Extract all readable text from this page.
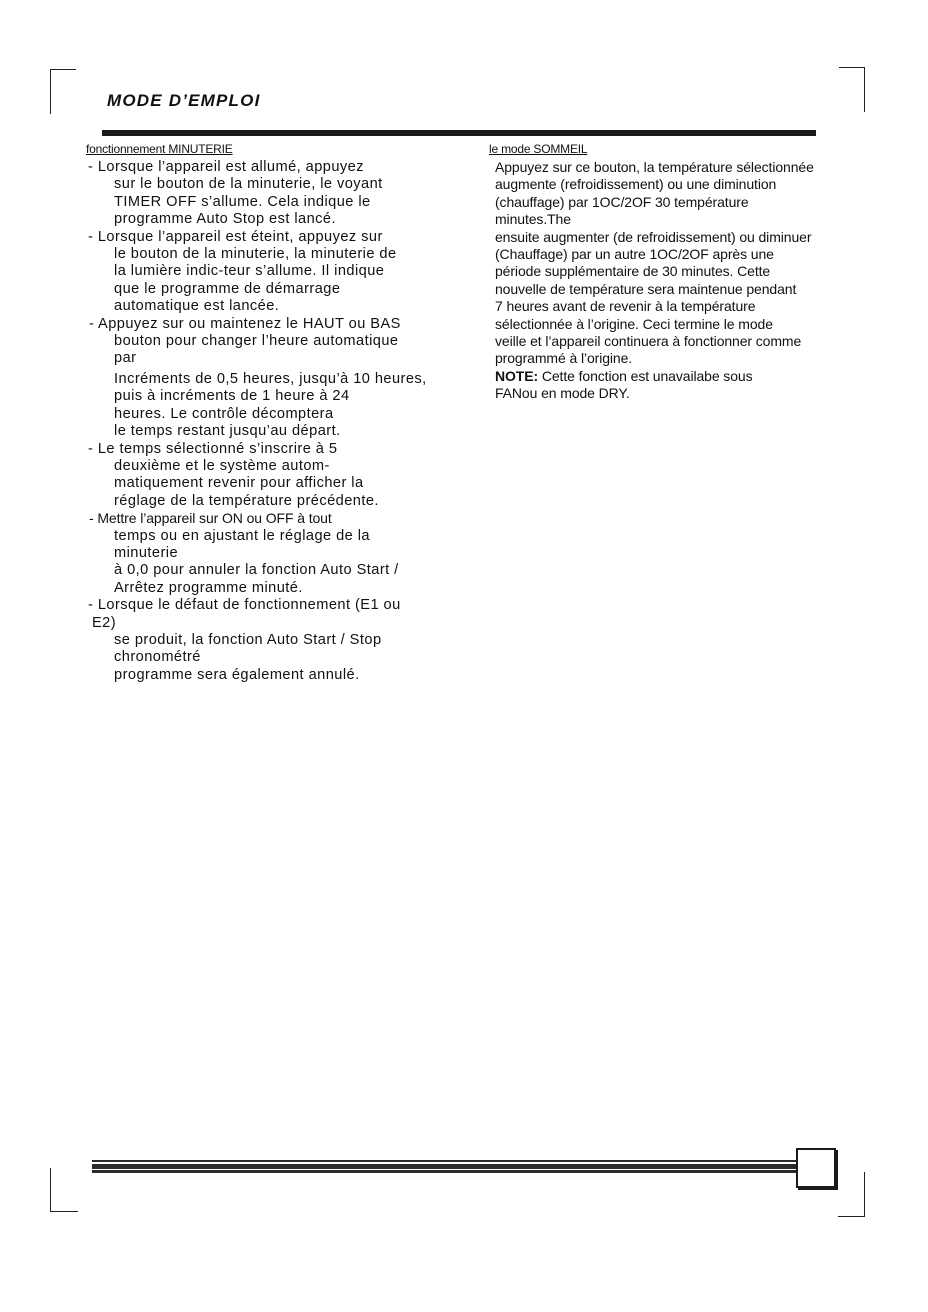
MODE D’EMPLOI
fonctionnement MINUTERIE
- Lorsque l’appareil est allumé, appuyez
sur le bouton de la minuterie, le voyant
TIMER OFF s’allume. Cela indique le
programme Auto Stop est lancé.
- Lorsque l’appareil est éteint, appuyez sur
le bouton de la minuterie, la minuterie de
la lumière indic-teur s’allume. Il indique
que le programme de démarrage
automatique est lancée.
- Appuyez sur ou maintenez le HAUT ou BAS
bouton pour changer l’heure automatique
par
Incréments de 0,5 heures, jusqu’à 10 heures,
puis à incréments de 1 heure à 24
heures. Le contrôle décomptera
le temps restant jusqu’au départ.
- Le temps sélectionné s’inscrire à 5
deuxième et le système autom-
matiquement revenir pour afficher la
réglage de la température précédente.
- Mettre l’appareil sur ON ou OFF à tout
temps ou en ajustant le réglage de la
minuterie
à 0,0 pour annuler la fonction Auto Start /
Arrêtez programme minuté.
- Lorsque le défaut de fonctionnement (E1 ou
E2)
se produit, la fonction Auto Start / Stop
chronométré
programme sera également annulé.
le mode SOMMEIL
Appuyez sur ce bouton, la température sélectionnée
augmente (refroidissement) ou une diminution
(chauffage) par 1OC/2OF 30 température
minutes.The
ensuite augmenter (de refroidissement) ou diminuer
(Chauffage) par un autre 1OC/2OF après une
période supplémentaire de 30 minutes. Cette
nouvelle de température sera maintenue pendant
7 heures avant de revenir à la température
sélectionnée à l’origine. Ceci termine le mode
veille et l’appareil continuera à fonctionner comme
programmé à l’origine.
NOTE: Cette fonction est unavailabe sous
FANou en mode DRY.
